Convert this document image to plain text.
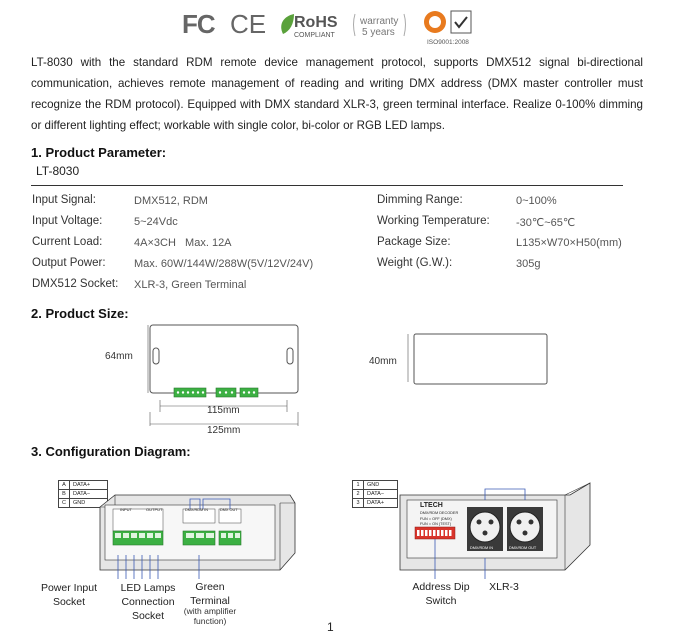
FC CE RoHS
COMPLIANT
warranty
5 years
ISO9001:2008
LT-8030 with the standard RDM remote device management protocol, supports DMX512 signal bi-directional communication, achieves remote management of reading and writing DMX address (DMX master controller must recognize the RDM protocol). Equipped with DMX standard XLR-3, green terminal interface. Realize 0-100% dimming or different lighting effect; workable with single color, bi-color or RGB LED lamps.
1. Product Parameter:
LT-8030
Input Signal:	DMX512, RDM
Input Voltage:	5~24Vdc
Current Load:	4A×3CH   Max. 12A
Output Power:	Max. 60W/144W/288W(5V/12V/24V)
DMX512 Socket: XLR-3, Green Terminal
Dimming Range:	0~100%
Working Temperature: -30℃~65℃
Package Size:	L135×W70×H50(mm)
Weight (G.W.):	305g
2. Product Size:
64mm
115mm
125mm
40mm
3. Configuration Diagram:
A	DATA+
B	DATA−
C	GND
INPUT	OUTPUT	DMX/RDM IN	DMX OUT
1	GND
2	DATA−
3	DATA+	LTECH
DMX/RDM DECODER
FUN = OFF (DMX)
FUN = ON (TEST)
DMX/RDM IN	DMX/RDM OUT
Power Input Socket
LED Lamps Connection Socket
Green Terminal
(with amplifier function)
Address Dip Switch
XLR-3
1
